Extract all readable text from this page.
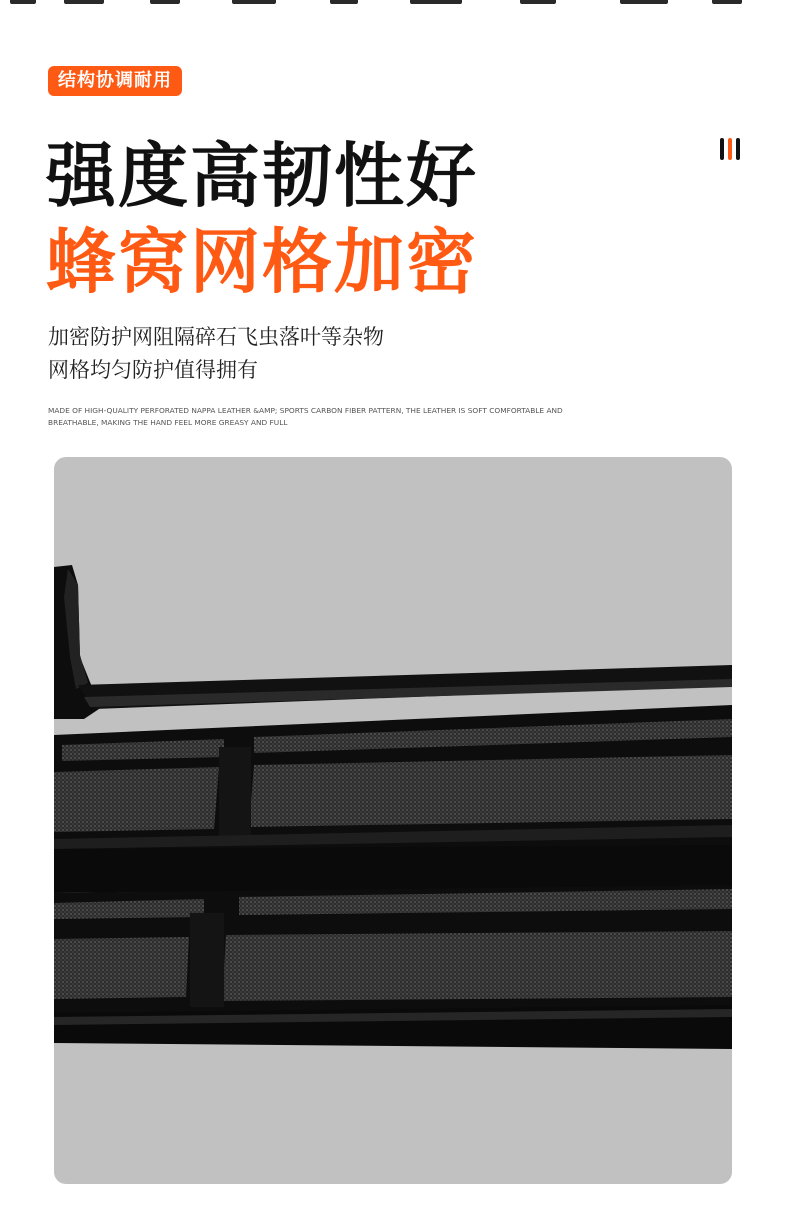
结构协调耐用
强度高韧性好
蜂窝网格加密
加密防护网阻隔碎石飞虫落叶等杂物
网格均匀防护值得拥有
MADE OF HIGH-QUALITY PERFORATED NAPPA LEATHER &AMP; SPORTS CARBON FIBER PATTERN, THE LEATHER IS SOFT COMFORTABLE AND BREATHABLE, MAKING THE HAND FEEL MORE GREASY AND FULL
